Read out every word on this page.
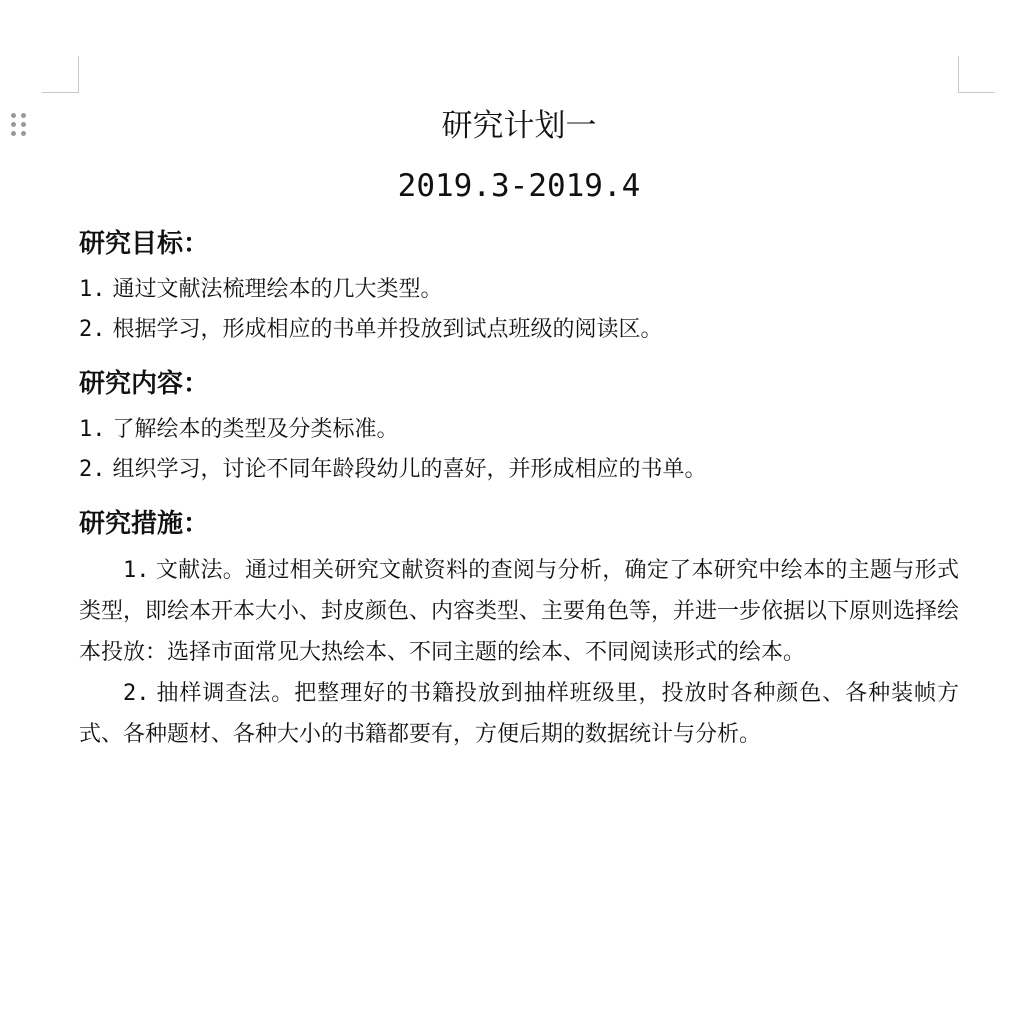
研究计划一
2019.3-2019.4
研究目标：

1. 通过文献法梳理绘本的几大类型。

2. 根据学习，形成相应的书单并投放到试点班级的阅读区。

研究内容：

1. 了解绘本的类型及分类标准。

2. 组织学习，讨论不同年龄段幼儿的喜好，并形成相应的书单。

研究措施：

1. 文献法。通过相关研究文献资料的查阅与分析，确定了本研究中绘本的主题与形式类型，即绘本开本大小、封皮颜色、内容类型、主要角色等，并进一步依据以下原则选择绘本投放：选择市面常见大热绘本、不同主题的绘本、不同阅读形式的绘本。

2. 抽样调查法。把整理好的书籍投放到抽样班级里，投放时各种颜色、各种装帧方式、各种题材、各种大小的书籍都要有，方便后期的数据统计与分析。
